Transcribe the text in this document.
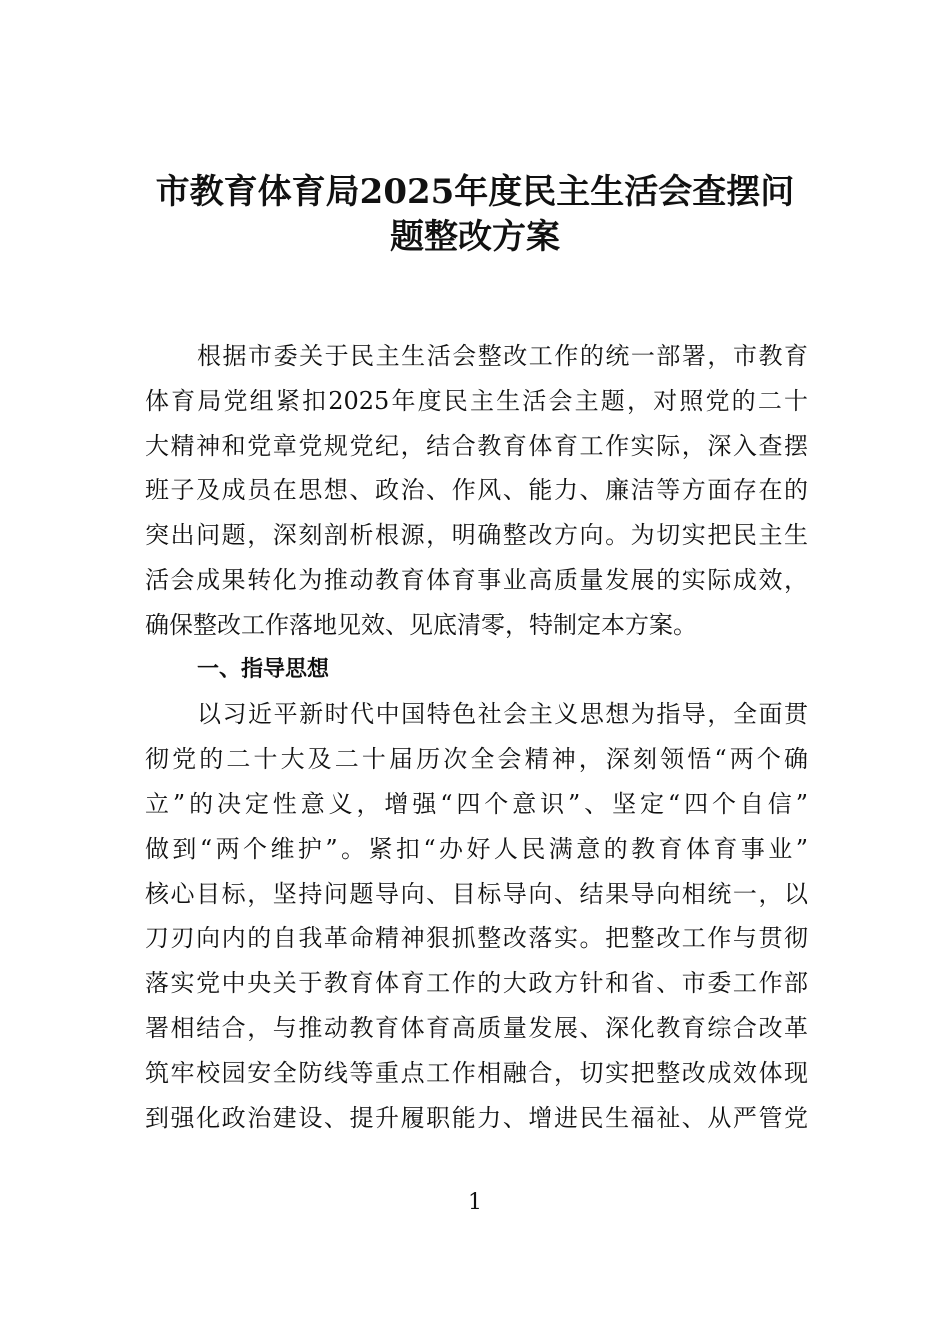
市教育体育局2025年度民主生活会查摆问
题整改方案
根据市委关于民主生活会整改工作的统一部署，市教育
体育局党组紧扣2025年度民主生活会主题，对照党的二十
大精神和党章党规党纪，结合教育体育工作实际，深入查摆
班子及成员在思想、政治、作风、能力、廉洁等方面存在的
突出问题，深刻剖析根源，明确整改方向。为切实把民主生
活会成果转化为推动教育体育事业高质量发展的实际成效，
确保整改工作落地见效、见底清零，特制定本方案。
一、指导思想
以习近平新时代中国特色社会主义思想为指导，全面贯
彻党的二十大及二十届历次全会精神，深刻领悟“两个确
立”的决定性意义，增强“四个意识”、坚定“四个自信”
做到“两个维护”。紧扣“办好人民满意的教育体育事业”
核心目标，坚持问题导向、目标导向、结果导向相统一，以
刀刃向内的自我革命精神狠抓整改落实。把整改工作与贯彻
落实党中央关于教育体育工作的大政方针和省、市委工作部
署相结合，与推动教育体育高质量发展、深化教育综合改革
筑牢校园安全防线等重点工作相融合，切实把整改成效体现
到强化政治建设、提升履职能力、增进民生福祉、从严管党
1
